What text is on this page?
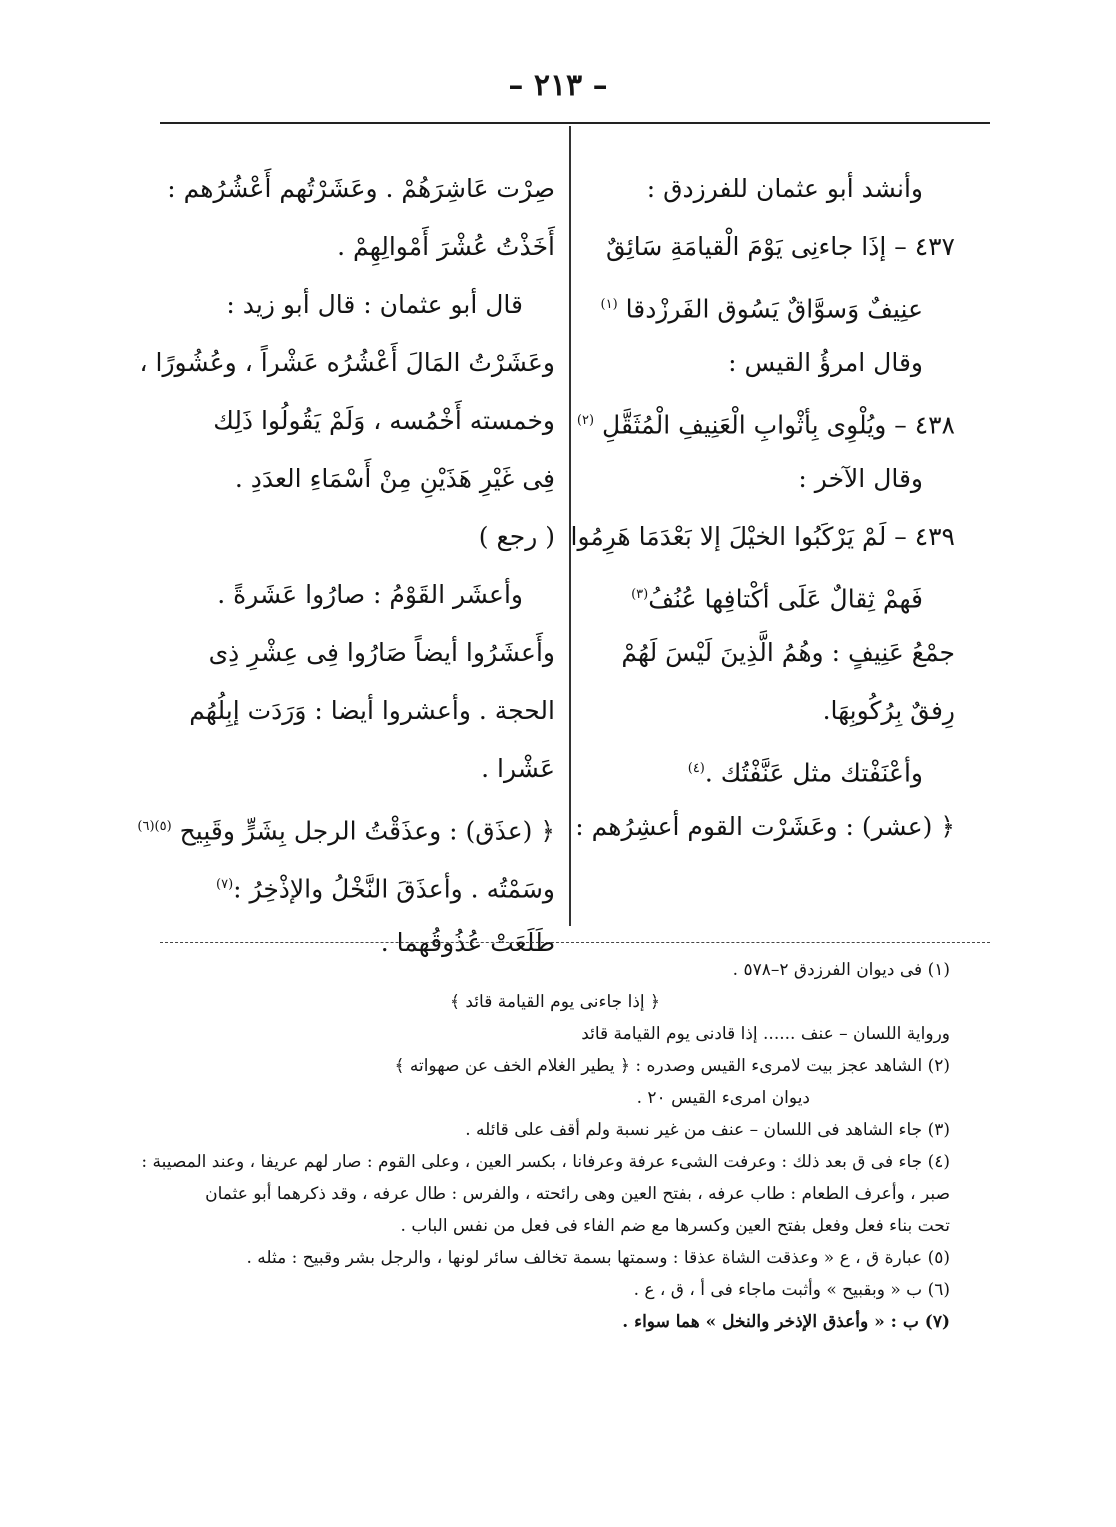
– ٢١٣ –
وأنشد أبو عثمان للفرزدق :
٤٣٧ – إذَا جاءنِى يَوْمَ الْقيامَةِ سَائِقٌ
عنِيفٌ وَسوَّاقٌ يَسُوق الفَرزْدقا $^{(١)}$
وقال امرؤُ القيس :
٤٣٨ – ويُلْوِى بِأثْوابِ الْعَنِيفِ الْمُثَقَّلِ $^{(٢)}$
وقال الآخر :
٤٣٩ – لَمْ يَرْكَبُوا الخيْلَ إلا بَعْدَمَا هَرِمُوا
فَهمْ ثِقالٌ عَلَى أكْتافِها عُنُفُ$^{(٣)}$
جمْعُ عَنِيفٍ : وهُمُ الَّذِينَ لَيْسَ لَهُمْ
رِفقٌ بِرُكُوبِهَا.
وأعْنَفْتك مثل عَنَّفْتُك .$^{(٤)}$
﴿ (عشر) : وعَشَرْت القوم أعشِرُهم :
صِرْت عَاشِرَهُمْ . وعَشَرْتُهم أَعْشُرُهم :
أَخَذْتُ عُشْرَ أَمْوالِهِمْ .
قال أبو عثمان : قال أبو زيد :
وعَشَرْتُ المَالَ أَعْشُرُه عَشْراً ، وعُشُورًا ،
وخمسته أَخْمُسه ، وَلَمْ يَقُولُوا ذَلِك
فِى غَيْرِ هَذَيْنِ مِنْ أَسْمَاءِ العدَدِ .
( رجع )
وأعشَر القَوْمُ : صارُوا عَشَرةً .
وأَعشَرُوا أيضاً صَارُوا فِى عِشْرِ ذِى
الحجة . وأعشروا أيضا : وَرَدَت إبِلُهُم
عَشْرا .
﴿ (عذَق) : وعذَقْتُ الرجل بِشَرٍّ وقَبِيح $^{(٥)(٦)}$
وسَمْتُه . وأعذَقَ النَّخْلُ والإذْخِرُ :$^{(٧)}$
طَلَعَتْ عُذُوقُهما .
(١) فى ديوان الفرزدق ٢–٥٧٨ .
﴿ إذا جاءنى يوم القيامة قائد ﴾
ورواية اللسان – عنف ...... إذا قادنى يوم القيامة قائد
(٢) الشاهد عجز بيت لامرىء القيس وصدره : ﴿ يطير الغلام الخف عن صهواته ﴾
ديوان امرىء القيس ٢٠ .
(٣) جاء الشاهد فى اللسان – عنف من غير نسبة ولم أقف على قائله .
(٤) جاء فى ق بعد ذلك : وعرفت الشىء عرفة وعرفانا ، بكسر العين ، وعلى القوم : صار لهم عريفا ، وعند المصيبة :
صبر ، وأعرف الطعام : طاب عرفه ، بفتح العين وهى رائحته ، والفرس : طال عرفه ، وقد ذكرهما أبو عثمان
تحت بناء فعل وفعل بفتح العين وكسرها مع ضم الفاء فى فعل من نفس الباب .
(٥) عبارة ق ، ع « وعذقت الشاة عذقا : وسمتها بسمة تخالف سائر لونها ، والرجل بشر وقبيح : مثله .
(٦) ب « وبقبيح » وأثبت ماجاء فى أ ، ق ، ع .
(٧) ب : « وأعذق الإذخر والنخل » هما سواء .
